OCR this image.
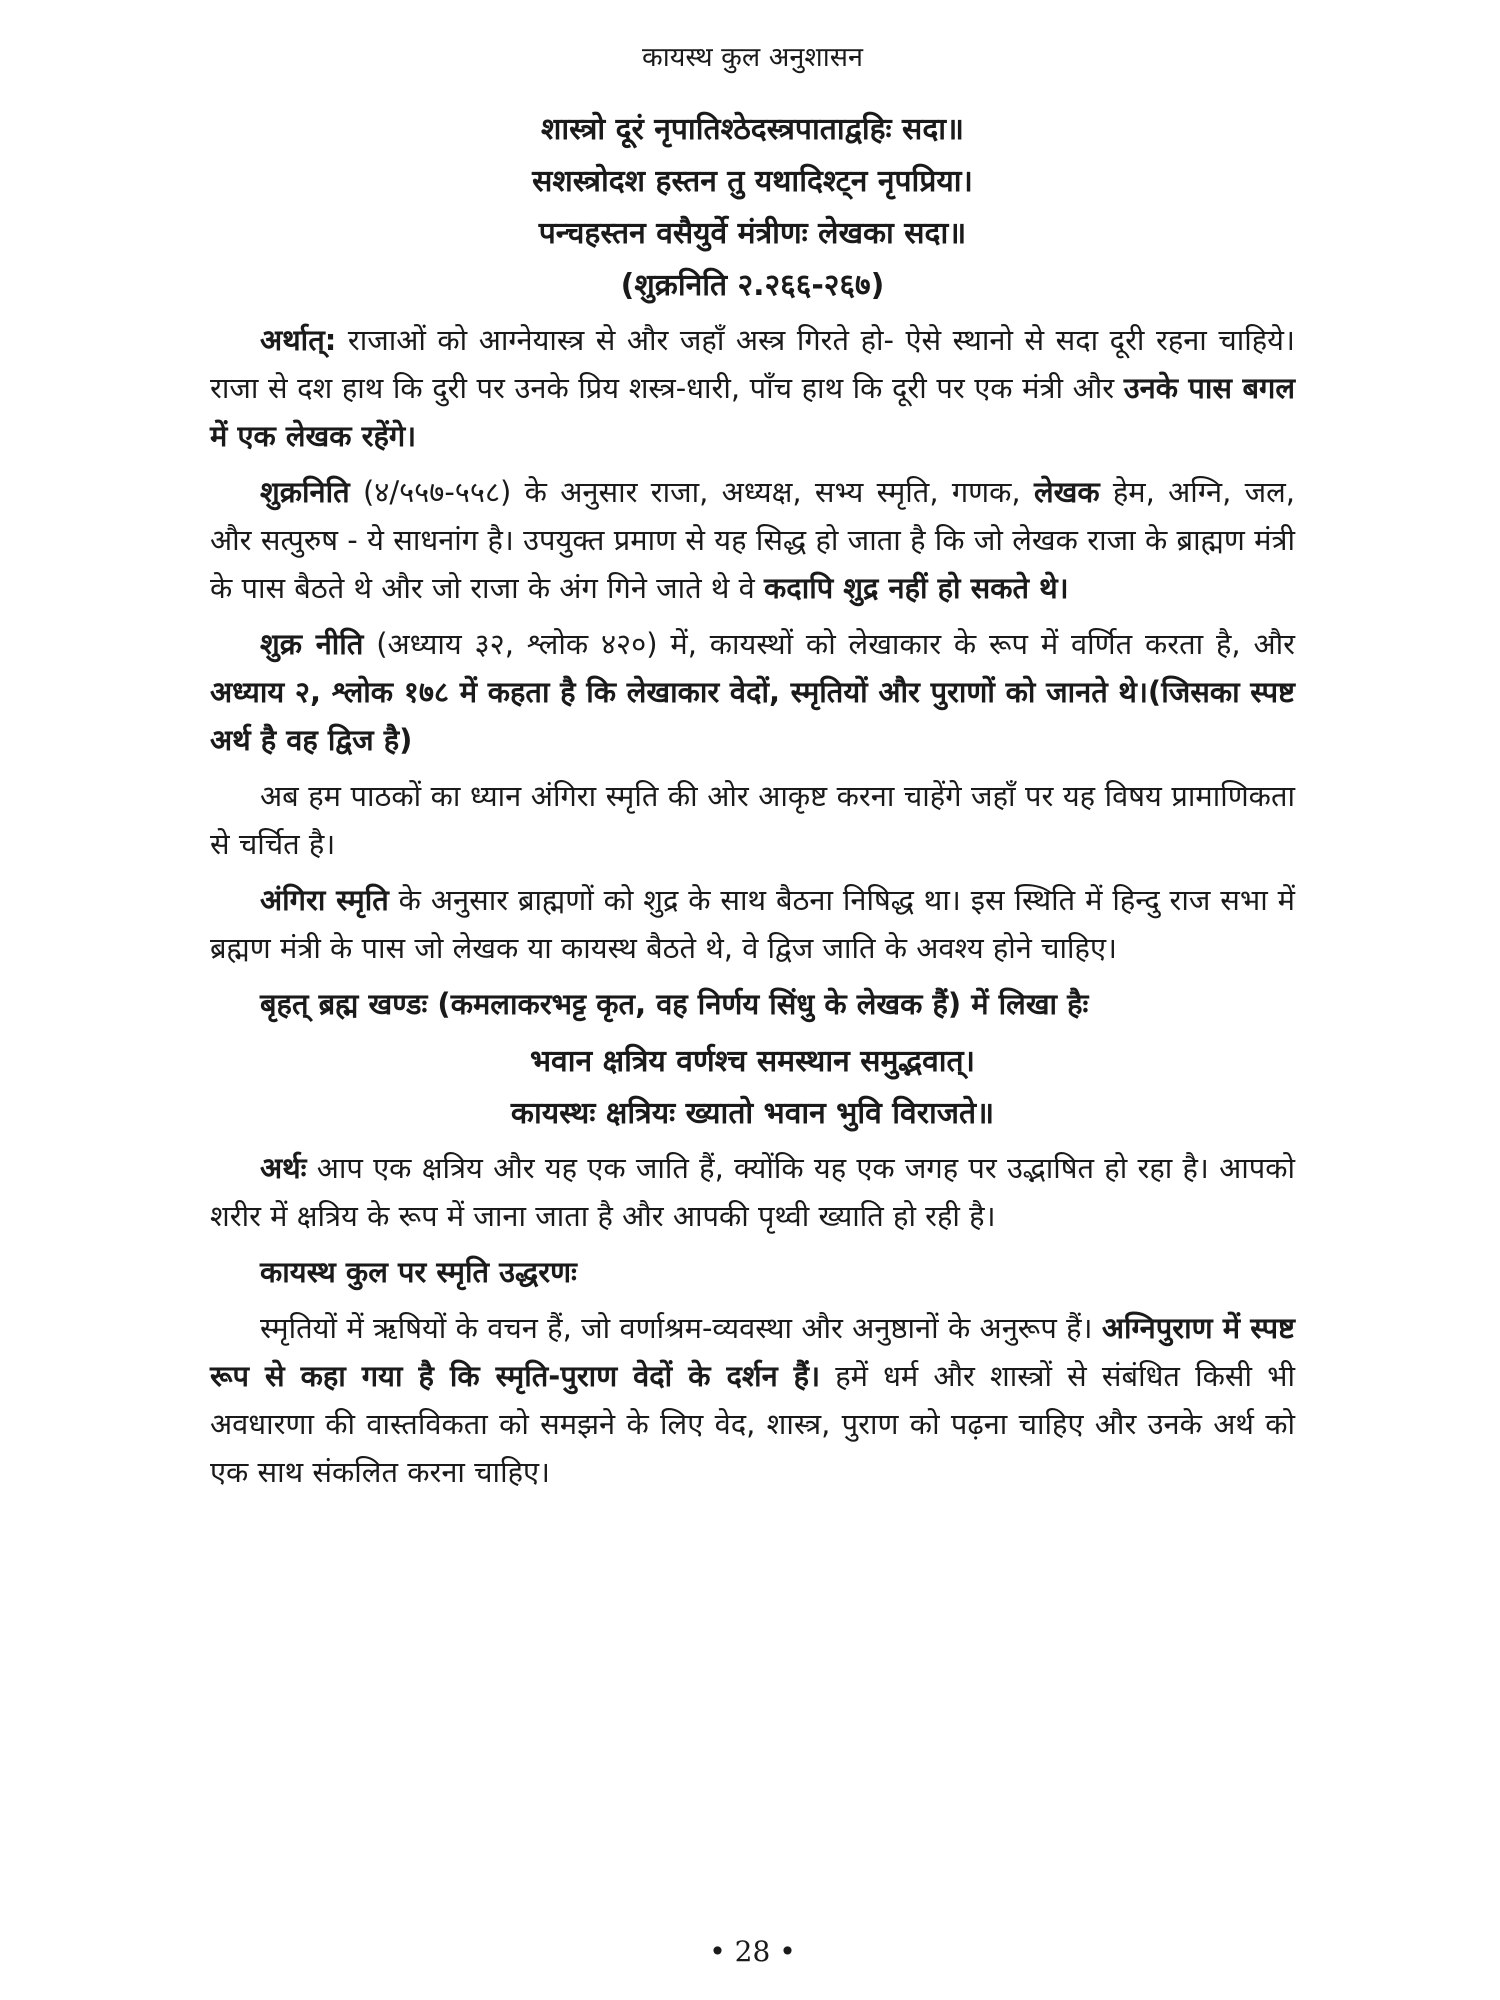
कायस्थ कुल अनुशासन

शास्त्रो दूरं नृपातिश्ठेदस्त्रपाताद्वहिः सदा॥

सशस्त्रोदश हस्तन तु यथादिश्ट्न नृपप्रिया।

पन्चहस्तन वसैयुर्वे मंत्रीणः लेखका सदा॥

(शुक्रनिति २.२६६-२६७)

अर्थात्: राजाओं को आग्नेयास्त्र से और जहाँ अस्त्र गिरते हो- ऐसे स्थानो से सदा दूरी रहना चाहिये। राजा से दश हाथ कि दुरी पर उनके प्रिय शस्त्र-धारी, पाँच हाथ कि दूरी पर एक मंत्री और उनके पास बगल में एक लेखक रहेंगे।

शुक्रनिति (४/५५७-५५८) के अनुसार राजा, अध्यक्ष, सभ्य स्मृति, गणक, लेखक हेम, अग्नि, जल, और सत्पुरुष - ये साधनांग है। उपयुक्त प्रमाण से यह सिद्ध हो जाता है कि जो लेखक राजा के ब्राह्मण मंत्री के पास बैठते थे और जो राजा के अंग गिने जाते थे वे कदापि शुद्र नहीं हो सकते थे।

शुक्र नीति (अध्याय ३२, श्लोक ४२०) में, कायस्थों को लेखाकार के रूप में वर्णित करता है, और अध्याय २, श्लोक १७८ में कहता है कि लेखाकार वेदों, स्मृतियों और पुराणों को जानते थे।(जिसका स्पष्ट अर्थ है वह द्विज है)

अब हम पाठकों का ध्यान अंगिरा स्मृति की ओर आकृष्ट करना चाहेंगे जहाँ पर यह विषय प्रामाणिकता से चर्चित है।

अंगिरा स्मृति के अनुसार ब्राह्मणों को शुद्र के साथ बैठना निषिद्ध था। इस स्थिति में हिन्दु राज सभा में ब्रह्मण मंत्री के पास जो लेखक या कायस्थ बैठते थे, वे द्विज जाति के अवश्य होने चाहिए।

बृहत् ब्रह्म खण्डः (कमलाकरभट्ट कृत, वह निर्णय सिंधु के लेखक हैं) में लिखा हैः

भवान क्षत्रिय वर्णश्च समस्थान समुद्भवात्।

कायस्थः क्षत्रियः ख्यातो भवान भुवि विराजते॥

अर्थः आप एक क्षत्रिय और यह एक जाति हैं, क्योंकि यह एक जगह पर उद्भाषित हो रहा है। आपको शरीर में क्षत्रिय के रूप में जाना जाता है और आपकी पृथ्वी ख्याति हो रही है।

कायस्थ कुल पर स्मृति उद्धरणः

स्मृतियों में ऋषियों के वचन हैं, जो वर्णाश्रम-व्यवस्था और अनुष्ठानों के अनुरूप हैं। अग्निपुराण में स्पष्ट रूप से कहा गया है कि स्मृति-पुराण वेदों के दर्शन हैं। हमें धर्म और शास्त्रों से संबंधित किसी भी अवधारणा की वास्तविकता को समझने के लिए वेद, शास्त्र, पुराण को पढ़ना चाहिए और उनके अर्थ को एक साथ संकलित करना चाहिए।

• 28 •
